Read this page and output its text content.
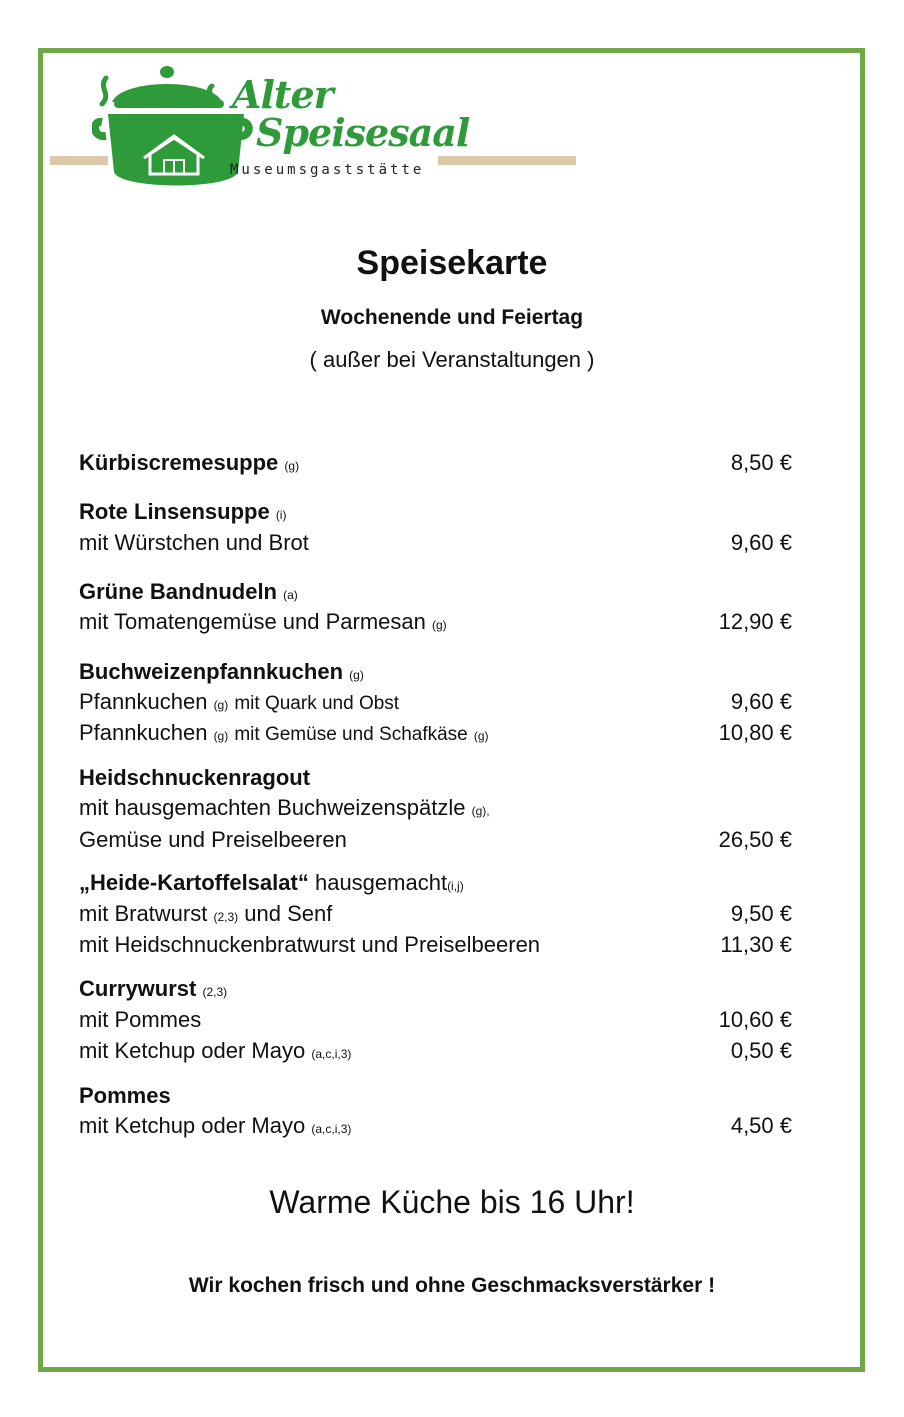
Alter
Speisesaal
Museumsgaststätte
Speisekarte
Wochenende und Feiertag
( außer bei Veranstaltungen )
Kürbiscremesuppe (g)	8,50 €
Rote Linsensuppe (i)
mit Würstchen und Brot	9,60 €
Grüne Bandnudeln (a)
mit Tomatengemüse und Parmesan (g)	12,90 €
Buchweizenpfannkuchen (g)
Pfannkuchen (g) mit Quark und Obst	9,60 €
Pfannkuchen (g) mit Gemüse und Schafkäse (g)	10,80 €
Heidschnuckenragout
mit hausgemachten Buchweizenspätzle (g),
Gemüse und Preiselbeeren	26,50 €
„Heide-Kartoffelsalat“ hausgemacht(i,j)
mit Bratwurst (2,3) und Senf	9,50 €
mit Heidschnuckenbratwurst und Preiselbeeren	11,30 €
Currywurst (2,3)
mit Pommes	10,60 €
mit Ketchup oder Mayo (a,c,i,3)	0,50 €
Pommes
mit Ketchup oder Mayo (a,c,i,3)	4,50 €
Warme Küche bis 16 Uhr!
Wir kochen frisch und ohne Geschmacksverstärker !
